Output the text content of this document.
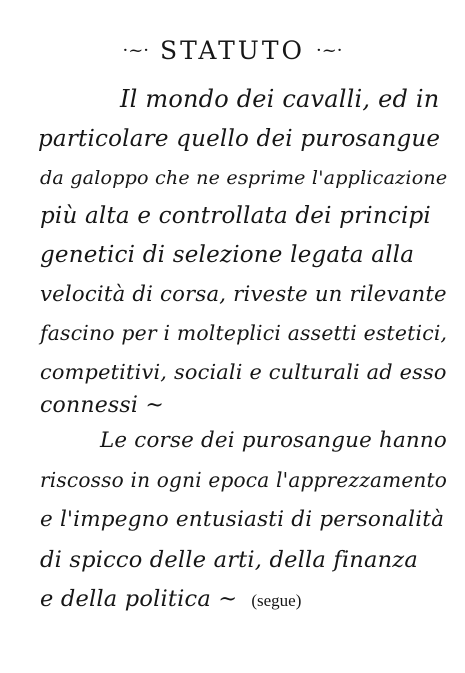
·~· STATUTO ·~·
Il mondo dei cavalli, ed in
particolare quello dei purosangue
da galoppo che ne esprime l'applicazione
più alta e controllata dei principi
genetici di selezione legata alla
velocità di corsa, riveste un rilevante
fascino per i molteplici assetti estetici,
competitivi, sociali e culturali ad esso
connessi ~
Le corse dei purosangue hanno
riscosso in ogni epoca l'apprezzamento
e l'impegno entusiasti di personalità
di spicco delle arti, della finanza
e della politica ~ (segue)
